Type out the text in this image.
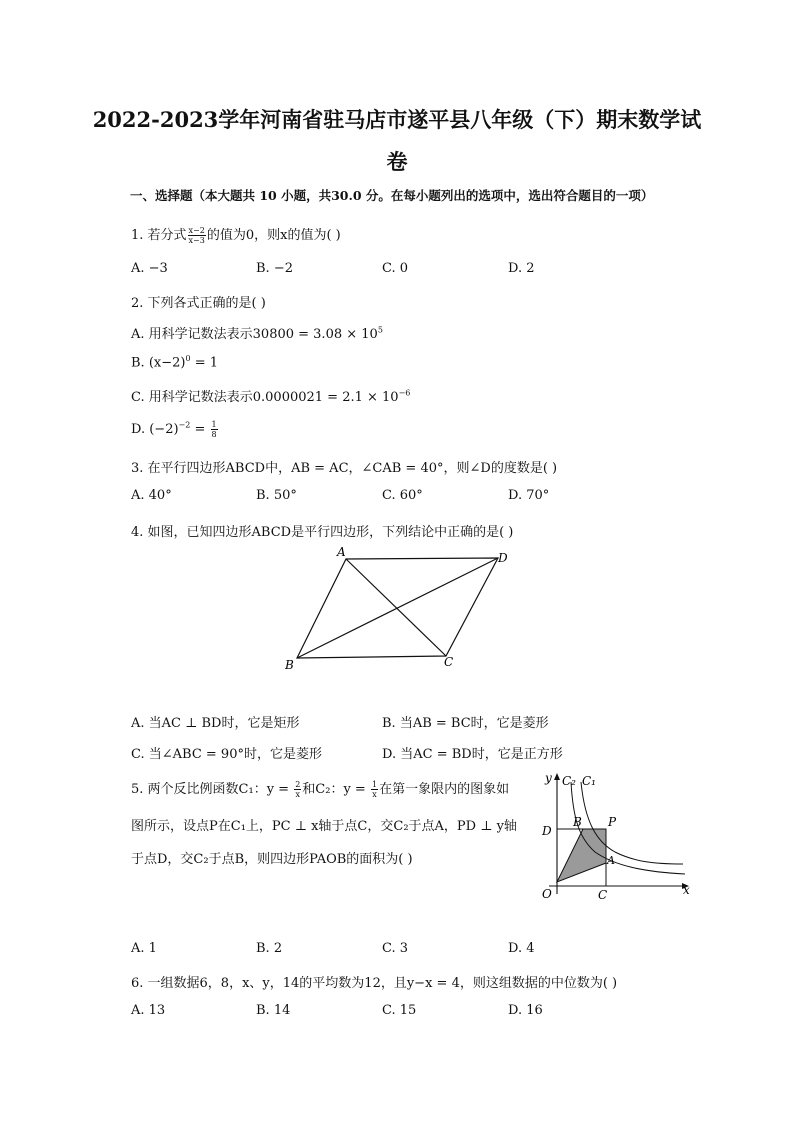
2022-2023学年河南省驻马店市遂平县八年级（下）期末数学试
卷
一、选择题（本大题共 10 小题，共30.0 分。在每小题列出的选项中，选出符合题目的一项）
1. 若分式 $\frac{x-2}{x-3}$ 的值为0，则x的值为( )
A. −3	B. −2	C. 0	D. 2
2. 下列各式正确的是( )
A. 用科学记数法表示$30800 = 3.08 \times 10^5$
B. $(x-2)^0 = 1$
C. 用科学记数法表示$0.0000021 = 2.1 \times 10^{-6}$
D. $(-2)^{-2} = \frac{1}{8}$
3. 在平行四边形ABCD中，AB = AC，∠CAB = 40°，则∠D的度数是( )
A. 40°	B. 50°	C. 60°	D. 70°
4. 如图，已知四边形ABCD是平行四边形，下列结论中正确的是( )
A	D
B	C
A. 当AC ⊥ BD时，它是矩形	B. 当AB = BC时，它是菱形
C. 当∠ABC = 90°时，它是菱形	D. 当AC = BD时，它是正方形
5. 两个反比例函数C₁：$y = \frac{2}{x}$ 和C₂：$y = \frac{1}{x}$ 在第一象限内的图象如
图所示，设点P在C₁上，PC ⊥ x轴于点C，交C₂于点A，PD ⊥ y轴
于点D，交C₂于点B，则四边形PAOB的面积为( )
y C₂ C₁
D
B P
A
O	C	x
A. 1	B. 2	C. 3	D. 4
6. 一组数据6，8，x、y，14的平均数为12，且y−x = 4，则这组数据的中位数为( )
A. 13	B. 14	C. 15	D. 16
